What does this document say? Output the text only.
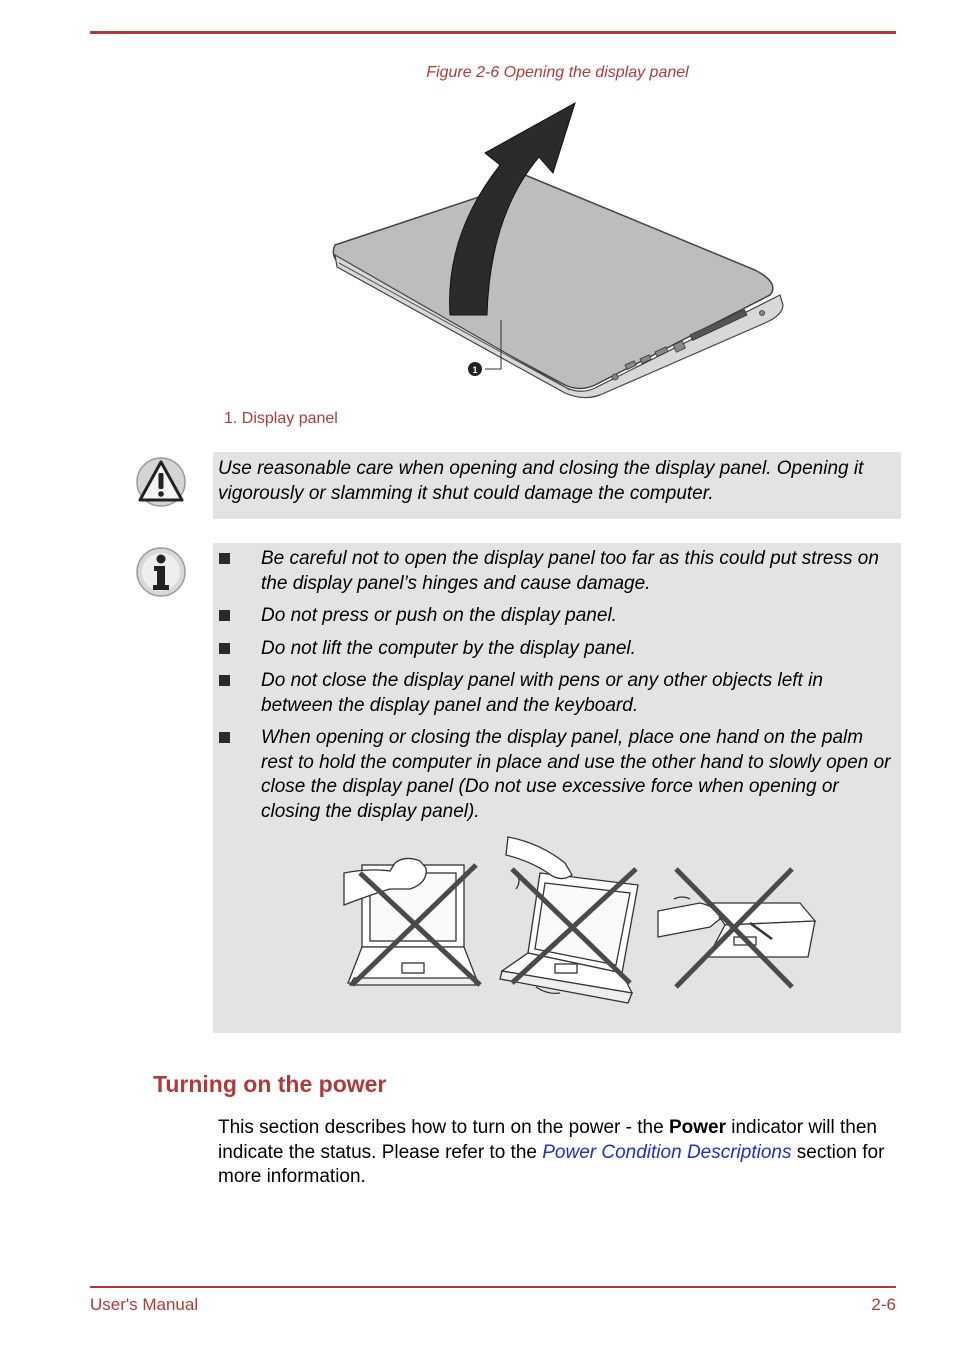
Figure 2-6 Opening the display panel
1
1. Display panel
Use reasonable care when opening and closing the display panel. Opening it vigorously or slamming it shut could damage the computer.
Be careful not to open the display panel too far as this could put stress on the display panel’s hinges and cause damage.
Do not press or push on the display panel.
Do not lift the computer by the display panel.
Do not close the display panel with pens or any other objects left in between the display panel and the keyboard.
When opening or closing the display panel, place one hand on the palm rest to hold the computer in place and use the other hand to slowly open or close the display panel (Do not use excessive force when opening or closing the display panel).
Turning on the power

This section describes how to turn on the power - the Power indicator will then indicate the status. Please refer to the Power Condition Descriptions section for more information.

User's Manual	2-6
